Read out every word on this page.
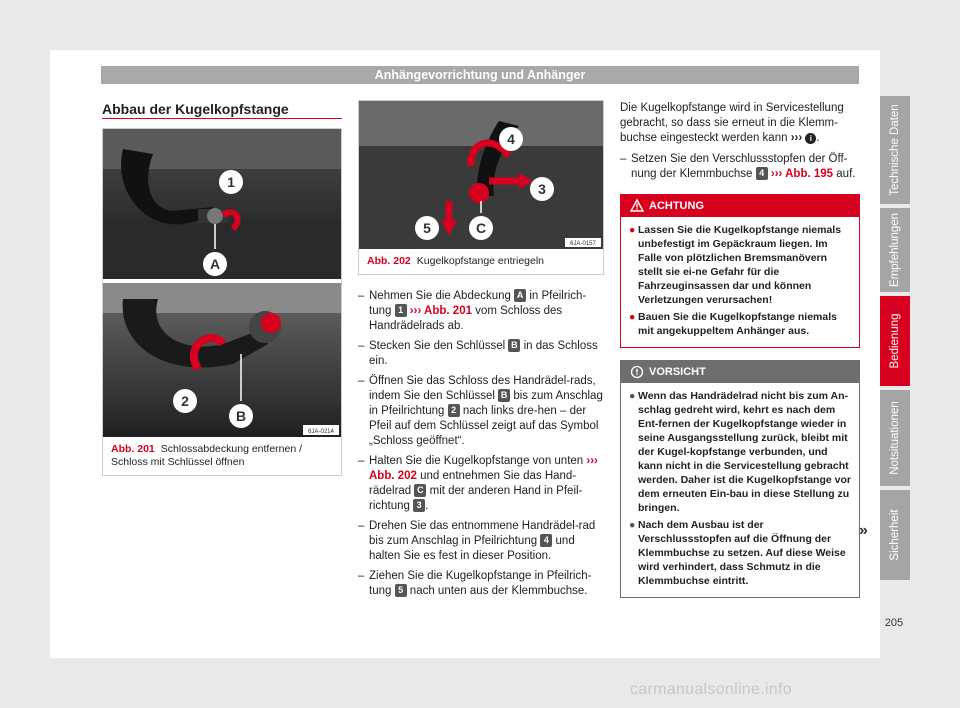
Anhängevorrichtung und Anhänger
Abbau der Kugelkopfstange
1
A
2
B
6JA-0214
Abb. 201 Schlossabdeckung entfernen / Schloss mit Schlüssel öffnen
4
3
5	C
6JA-0157
Abb. 202 Kugelkopfstange entriegeln
– Nehmen Sie die Abdeckung A in Pfeilrich-tung 1 ››› Abb. 201 vom Schloss des Handrädelrads ab.
– Stecken Sie den Schlüssel B in das Schloss ein.
– Öffnen Sie das Schloss des Handrädel-rads, indem Sie den Schlüssel B bis zum Anschlag in Pfeilrichtung 2 nach links dre-hen – der Pfeil auf dem Schlüssel zeigt auf das Symbol „Schloss geöffnet“.
– Halten Sie die Kugelkopfstange von unten ››› Abb. 202 und entnehmen Sie das Hand-rädelrad C mit der anderen Hand in Pfeil-richtung 3 .
– Drehen Sie das entnommene Handrädel-rad bis zum Anschlag in Pfeilrichtung 4 und halten Sie es fest in dieser Position.
– Ziehen Sie die Kugelkopfstange in Pfeilrich-tung 5 nach unten aus der Klemmbuchse.
Die Kugelkopfstange wird in Servicestellung gebracht, so dass sie erneut in die Klemm-buchse eingesteckt werden kann ››› i .
– Setzen Sie den Verschlussstopfen der Öff-nung der Klemmbuchse 4 ››› Abb. 195 auf.
ACHTUNG
● Lassen Sie die Kugelkopfstange niemals unbefestigt im Gepäckraum liegen. Im Falle von plötzlichen Bremsmanövern stellt sie ei-ne Gefahr für die Fahrzeuginsassen dar und können Verletzungen verursachen!
● Bauen Sie die Kugelkopfstange niemals mit angekuppeltem Anhänger aus.
VORSICHT
● Wenn das Handrädelrad nicht bis zum An-schlag gedreht wird, kehrt es nach dem Ent-fernen der Kugelkopfstange wieder in seine Ausgangsstellung zurück, bleibt mit der Kugel-kopfstange verbunden, und kann nicht in die Servicestellung gebracht werden. Daher ist die Kugelkopfstange vor dem erneuten Ein-bau in diese Stellung zu bringen.
● Nach dem Ausbau ist der Verschlussstopfen auf die Öffnung der Klemmbuchse zu setzen. Auf diese Weise wird verhindert, dass Schmutz in die Klemmbuchse eintritt.
»
Technische Daten
Empfehlungen
Bedienung
Notsituationen
Sicherheit
205
carmanualsonline.info
